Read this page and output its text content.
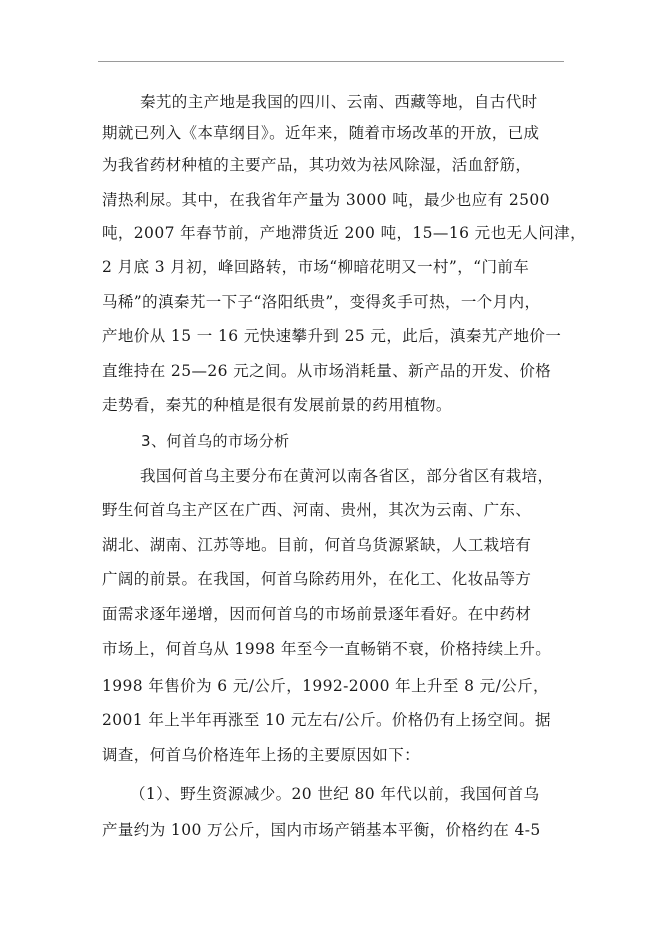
秦艽的主产地是我国的四川、云南、西藏等地，自古代时
期就已列入《本草纲目》。近年来，随着市场改革的开放，已成
为我省药材种植的主要产品，其功效为祛风除湿，活血舒筋，
清热利尿。其中，在我省年产量为 3000 吨，最少也应有 2500
吨，2007 年春节前，产地滞货近 200 吨，15—16 元也无人问津，
2 月底 3 月初，峰回路转，市场“柳暗花明又一村”，“门前车
马稀”的滇秦艽一下子“洛阳纸贵”，变得炙手可热，一个月内，
产地价从 15 一 16 元快速攀升到 25 元，此后，滇秦艽产地价一
直维持在 25—26 元之间。从市场消耗量、新产品的开发、价格
走势看，秦艽的种植是很有发展前景的药用植物。
3、何首乌的市场分析
我国何首乌主要分布在黄河以南各省区，部分省区有栽培，
野生何首乌主产区在广西、河南、贵州，其次为云南、广东、
湖北、湖南、江苏等地。目前，何首乌货源紧缺，人工栽培有
广阔的前景。在我国，何首乌除药用外，在化工、化妆品等方
面需求逐年递增，因而何首乌的市场前景逐年看好。在中药材
市场上，何首乌从 1998 年至今一直畅销不衰，价格持续上升。
1998 年售价为 6 元/公斤，1992-2000 年上升至 8 元/公斤，
2001 年上半年再涨至 10 元左右/公斤。价格仍有上扬空间。据
调查，何首乌价格连年上扬的主要原因如下：
（1）、野生资源减少。20 世纪 80 年代以前，我国何首乌
产量约为 100 万公斤，国内市场产销基本平衡，价格约在 4-5
